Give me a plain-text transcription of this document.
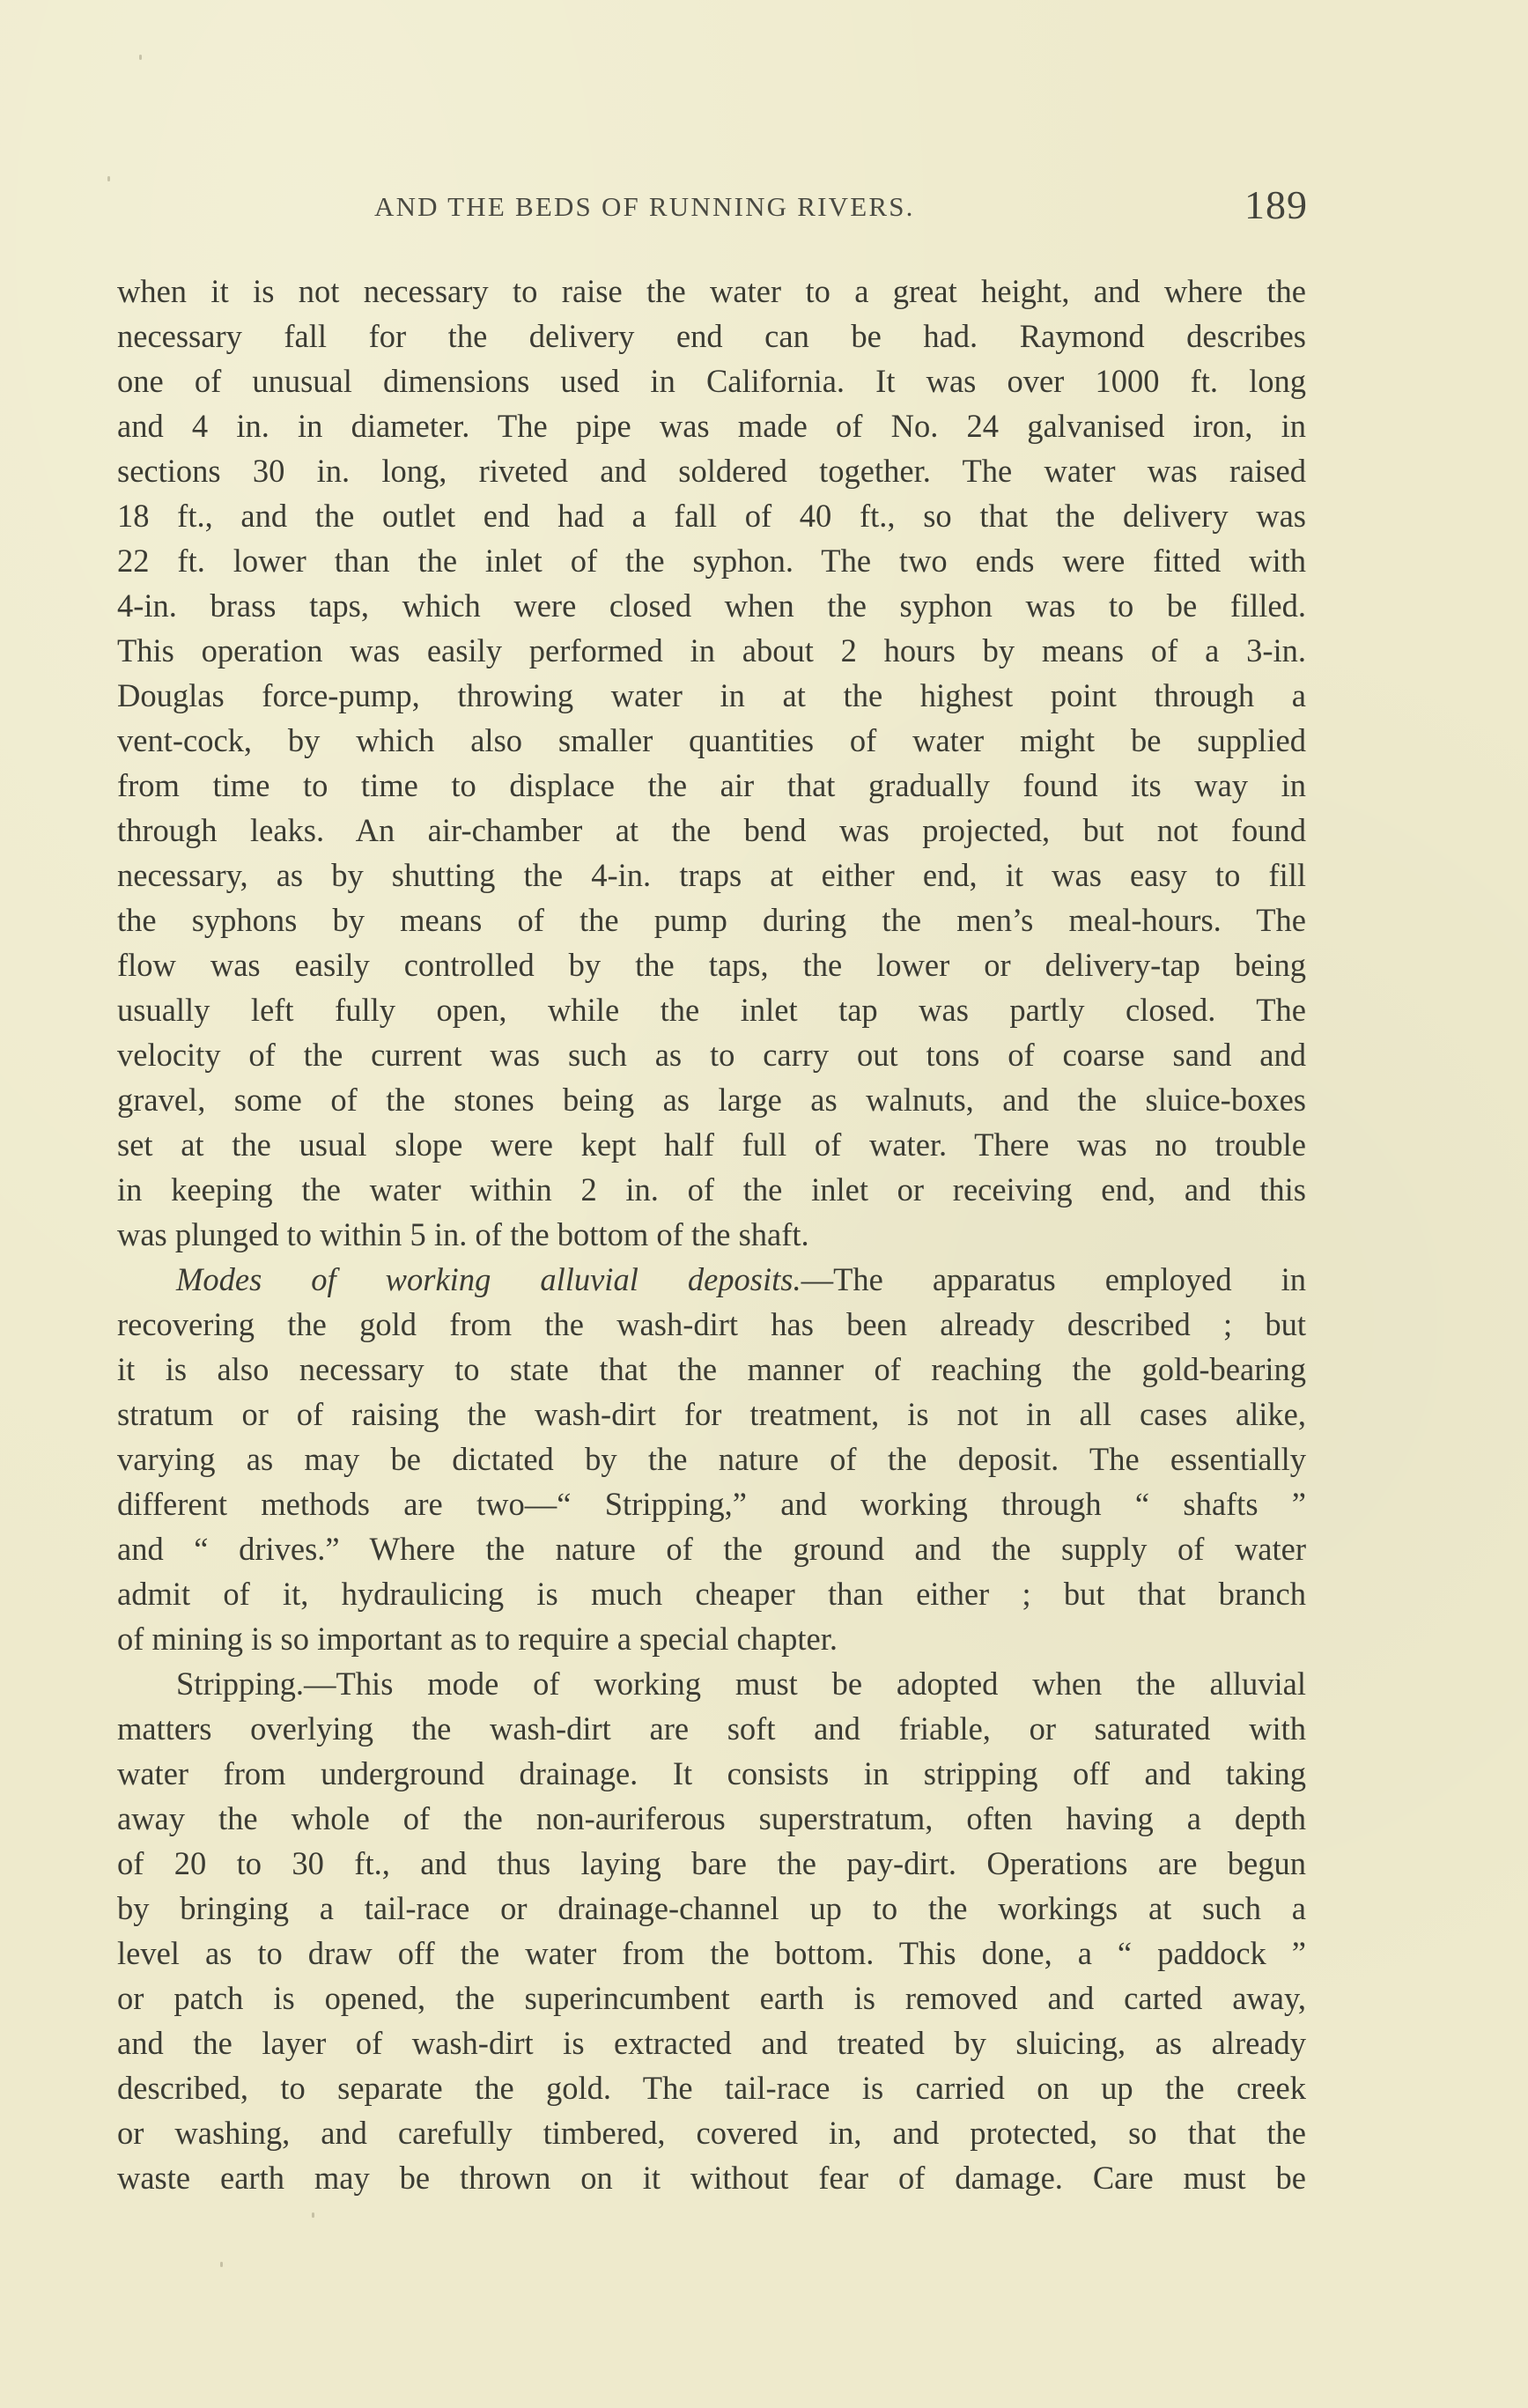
AND THE BEDS OF RUNNING RIVERS.	189
when it is not necessary to raise the water to a great height, and where the
necessary fall for the delivery end can be had. Raymond describes
one of unusual dimensions used in California. It was over 1000 ft. long
and 4 in. in diameter. The pipe was made of No. 24 galvanised iron, in
sections 30 in. long, riveted and soldered together. The water was raised
18 ft., and the outlet end had a fall of 40 ft., so that the delivery was
22 ft. lower than the inlet of the syphon. The two ends were fitted with
4-in. brass taps, which were closed when the syphon was to be filled.
This operation was easily performed in about 2 hours by means of a 3-in.
Douglas force-pump, throwing water in at the highest point through a
vent-cock, by which also smaller quantities of water might be supplied
from time to time to displace the air that gradually found its way in
through leaks. An air-chamber at the bend was projected, but not found
necessary, as by shutting the 4-in. traps at either end, it was easy to fill
the syphons by means of the pump during the men’s meal-hours. The
flow was easily controlled by the taps, the lower or delivery-tap being
usually left fully open, while the inlet tap was partly closed. The
velocity of the current was such as to carry out tons of coarse sand and
gravel, some of the stones being as large as walnuts, and the sluice-boxes
set at the usual slope were kept half full of water. There was no trouble
in keeping the water within 2 in. of the inlet or receiving end, and this
was plunged to within 5 in. of the bottom of the shaft.
Modes of working alluvial deposits.—The apparatus employed in
recovering the gold from the wash-dirt has been already described ; but
it is also necessary to state that the manner of reaching the gold-bearing
stratum or of raising the wash-dirt for treatment, is not in all cases alike,
varying as may be dictated by the nature of the deposit. The essentially
different methods are two—“ Stripping,” and working through “ shafts ”
and “ drives.” Where the nature of the ground and the supply of water
admit of it, hydraulicing is much cheaper than either ; but that branch
of mining is so important as to require a special chapter.
Stripping.—This mode of working must be adopted when the alluvial
matters overlying the wash-dirt are soft and friable, or saturated with
water from underground drainage. It consists in stripping off and taking
away the whole of the non-auriferous superstratum, often having a depth
of 20 to 30 ft., and thus laying bare the pay-dirt. Operations are begun
by bringing a tail-race or drainage-channel up to the workings at such a
level as to draw off the water from the bottom. This done, a “ paddock ”
or patch is opened, the superincumbent earth is removed and carted away,
and the layer of wash-dirt is extracted and treated by sluicing, as already
described, to separate the gold. The tail-race is carried on up the creek
or washing, and carefully timbered, covered in, and protected, so that the
waste earth may be thrown on it without fear of damage. Care must be
